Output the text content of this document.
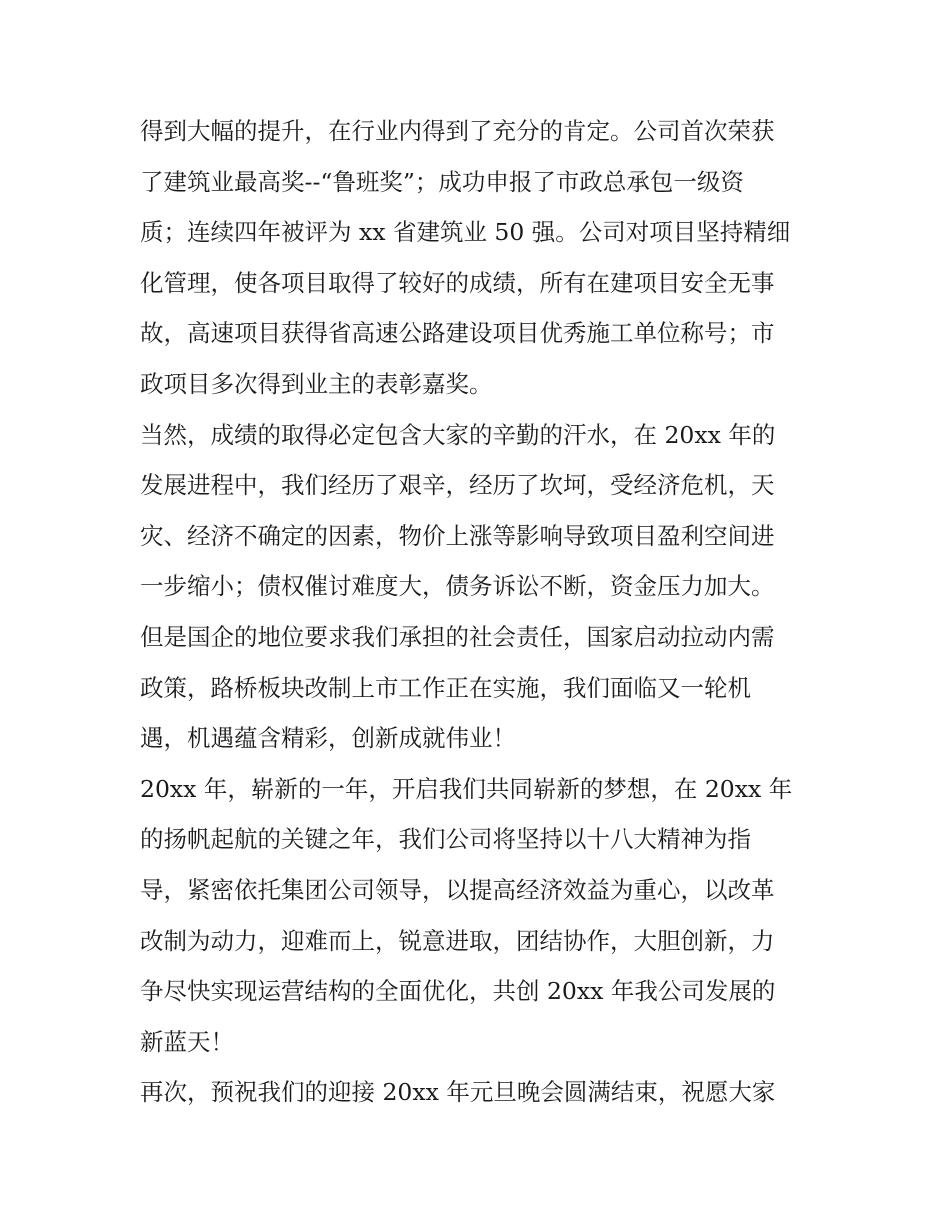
得到大幅的提升，在行业内得到了充分的肯定。公司首次荣获
了建筑业最高奖--“鲁班奖”；成功申报了市政总承包一级资
质；连续四年被评为 xx 省建筑业 50 强。公司对项目坚持精细
化管理，使各项目取得了较好的成绩，所有在建项目安全无事
故，高速项目获得省高速公路建设项目优秀施工单位称号；市
政项目多次得到业主的表彰嘉奖。
当然，成绩的取得必定包含大家的辛勤的汗水，在 20xx 年的
发展进程中，我们经历了艰辛，经历了坎坷，受经济危机，天
灾、经济不确定的因素，物价上涨等影响导致项目盈利空间进
一步缩小；债权催讨难度大，债务诉讼不断，资金压力加大。
但是国企的地位要求我们承担的社会责任，国家启动拉动内需
政策，路桥板块改制上市工作正在实施，我们面临又一轮机
遇，机遇蕴含精彩，创新成就伟业！
20xx 年，崭新的一年，开启我们共同崭新的梦想，在 20xx 年
的扬帆起航的关键之年，我们公司将坚持以十八大精神为指
导，紧密依托集团公司领导，以提高经济效益为重心，以改革
改制为动力，迎难而上，锐意进取，团结协作，大胆创新，力
争尽快实现运营结构的全面优化，共创 20xx 年我公司发展的
新蓝天！
再次，预祝我们的迎接 20xx 年元旦晚会圆满结束，祝愿大家
